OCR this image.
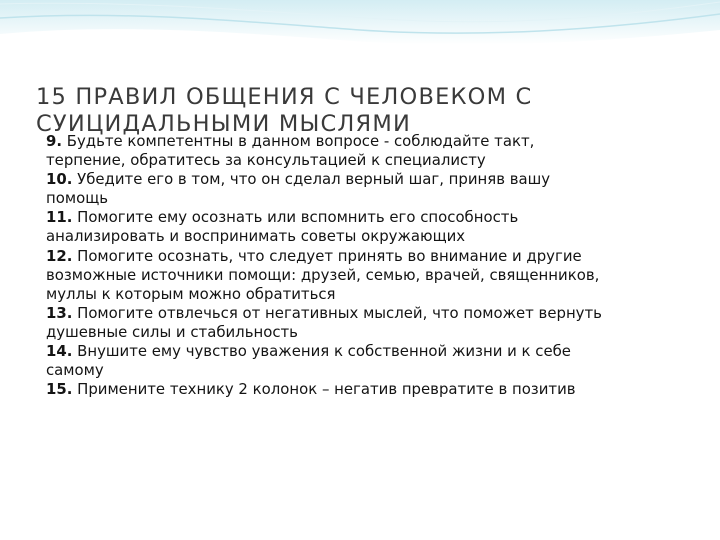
15 ПРАВИЛ ОБЩЕНИЯ С ЧЕЛОВЕКОМ С СУИЦИДАЛЬНЫМИ МЫСЛЯМИ

9. Будьте компетентны в данном вопросе - соблюдайте такт, терпение, обратитесь за консультацией к специалисту

10. Убедите его в том, что он сделал верный шаг, приняв вашу помощь

11. Помогите ему осознать или вспомнить его способность анализировать и воспринимать советы окружающих

12. Помогите осознать, что следует принять во внимание и другие возможные источники помощи: друзей, семью, врачей, священников, муллы к которым можно обратиться

13. Помогите отвлечься от негативных мыслей, что поможет вернуть душевные силы и стабильность

14. Внушите ему чувство уважения к собственной жизни и к себе самому

15. Примените технику 2 колонок – негатив превратите в позитив
